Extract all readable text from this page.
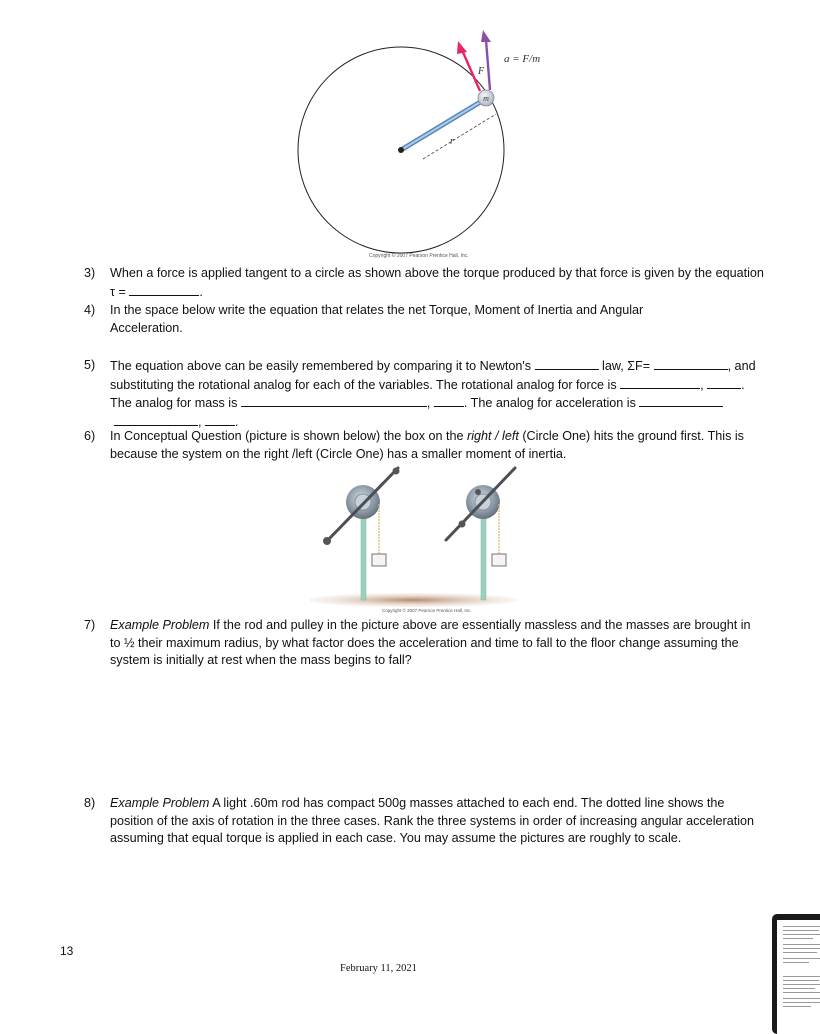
r
m
F
a = F/m
Copyright © 2007 Pearson Prentice Hall, Inc.
3) When a force is applied tangent to a circle as shown above the torque produced by that force is given by the equation τ =	.
4) In the space below write the equation that relates the net Torque, Moment of Inertia and Angular Acceleration.
5) The equation above can be easily remembered by comparing it to Newton's	law, ΣF=	, and substituting the rotational analog for each of the variables. The rotational analog for force is	,	. The analog for mass is	, . The analog for acceleration is , .
6) In Conceptual Question (picture is shown below) the box on the right / left (Circle One) hits the ground first. This is because the system on the right /left (Circle One) has a smaller moment of inertia.
Copyright © 2007 Pearson Prentice Hall, Inc.
7) Example Problem If the rod and pulley in the picture above are essentially massless and the masses are brought in to ½ their maximum radius, by what factor does the acceleration and time to fall to the floor change assuming the system is initially at rest when the mass begins to fall?
8) Example Problem A light .60m rod has compact 500g masses attached to each end. The dotted line shows the position of the axis of rotation in the three cases. Rank the three systems in order of increasing angular acceleration assuming that equal torque is applied in each case. You may assume the pictures are roughly to scale.
13
February 11, 2021
